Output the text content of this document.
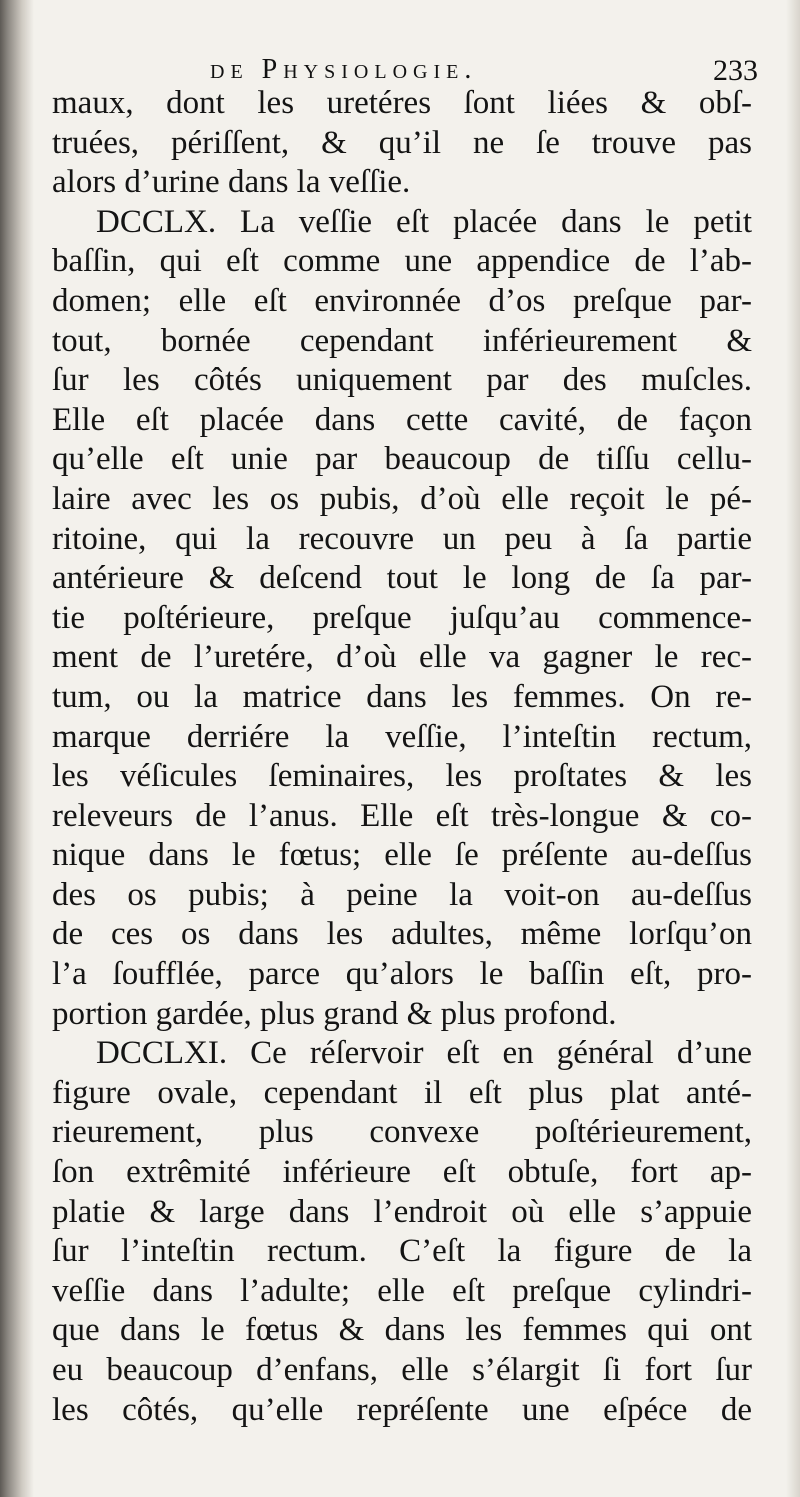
de Physiologie.	233
maux, dont les uretéres ſont liées & obſ-
truées, périſſent, & qu’il ne ſe trouve pas
alors d’urine dans la veſſie.
DCCLX. La veſſie eſt placée dans le petit
baſſin, qui eſt comme une appendice de l’ab-
domen; elle eſt environnée d’os preſque par-
tout, bornée cependant inférieurement &
ſur les côtés uniquement par des muſcles.
Elle eſt placée dans cette cavité, de façon
qu’elle eſt unie par beaucoup de tiſſu cellu-
laire avec les os pubis, d’où elle reçoit le pé-
ritoine, qui la recouvre un peu à ſa partie
antérieure & deſcend tout le long de ſa par-
tie poſtérieure, preſque juſqu’au commence-
ment de l’uretére, d’où elle va gagner le rec-
tum, ou la matrice dans les femmes. On re-
marque derriére la veſſie, l’inteſtin rectum,
les véſicules ſeminaires, les proſtates & les
releveurs de l’anus. Elle eſt très-longue & co-
nique dans le fœtus; elle ſe préſente au-deſſus
des os pubis; à peine la voit-on au-deſſus
de ces os dans les adultes, même lorſqu’on
l’a ſoufflée, parce qu’alors le baſſin eſt, pro-
portion gardée, plus grand & plus profond.
DCCLXI. Ce réſervoir eſt en général d’une
figure ovale, cependant il eſt plus plat anté-
rieurement, plus convexe poſtérieurement,
ſon extrêmité inférieure eſt obtuſe, fort ap-
platie & large dans l’endroit où elle s’appuie
ſur l’inteſtin rectum. C’eſt la figure de la
veſſie dans l’adulte; elle eſt preſque cylindri-
que dans le fœtus & dans les femmes qui ont
eu beaucoup d’enfans, elle s’élargit ſi fort ſur
les côtés, qu’elle repréſente une eſpéce de
